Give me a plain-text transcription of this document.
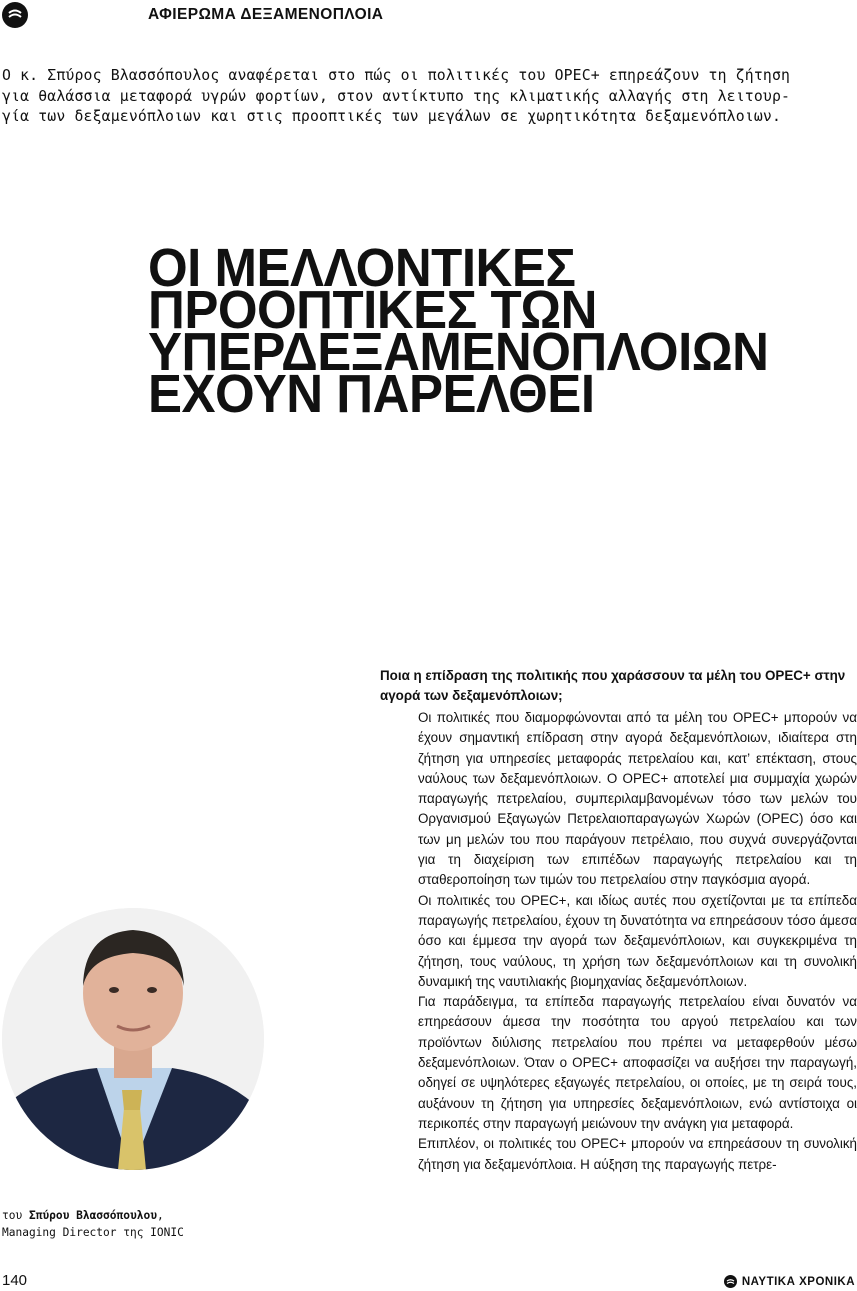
ΑΦΙΕΡΩΜΑ ΔΕΞΑΜΕΝΟΠΛΟΙΑ
Ο κ. Σπύρος Βλασσόπουλος αναφέρεται στο πώς οι πολιτικές του OPEC+ επηρεάζουν τη ζήτηση
για θαλάσσια μεταφορά υγρών φορτίων, στον αντίκτυπο της κλιματικής αλλαγής στη λειτουρ-
γία των δεξαμενόπλοιων και στις προοπτικές των μεγάλων σε χωρητικότητα δεξαμενόπλοιων.
ΟΙ ΜΕΛΛΟΝΤΙΚΕΣ
ΠΡΟΟΠΤΙΚΕΣ ΤΩΝ
ΥΠΕΡΔΕΞΑΜΕΝΟΠΛΟΙΩΝ
ΕΧΟΥΝ ΠΑΡΕΛΘΕΙ
Ποια η επίδραση της πολιτικής που χαράσσουν τα μέλη του OPEC+ στην αγορά των δεξαμενόπλοιων;

Οι πολιτικές που διαμορφώνονται από τα μέλη του OPEC+ μπορούν να έχουν σημαντική επίδραση στην αγορά δεξαμενόπλοιων, ιδιαίτερα στη ζήτηση για υπηρεσίες μεταφοράς πετρελαίου και, κατ’ επέκταση, στους ναύλους των δεξαμενόπλοιων. Ο OPEC+ αποτελεί μια συμμαχία χωρών παραγωγής πετρελαίου, συμπεριλαμβανομένων τόσο των μελών του Οργανισμού Εξαγωγών Πετρελαιοπαραγωγών Χωρών (OPEC) όσο και των μη μελών του που παράγουν πετρέλαιο, που συχνά συνεργάζονται για τη διαχείριση των επιπέδων παραγωγής πετρελαίου και τη σταθεροποίηση των τιμών του πετρελαίου στην παγκόσμια αγορά.

Οι πολιτικές του OPEC+, και ιδίως αυτές που σχετίζονται με τα επίπεδα παραγωγής πετρελαίου, έχουν τη δυνατότητα να επηρεάσουν τόσο άμεσα όσο και έμμεσα την αγορά των δεξαμενόπλοιων, και συγκεκριμένα τη ζήτηση, τους ναύλους, τη χρήση των δεξαμενόπλοιων και τη συνολική δυναμική της ναυτιλιακής βιομηχανίας δεξαμενόπλοιων.

Για παράδειγμα, τα επίπεδα παραγωγής πετρελαίου είναι δυνατόν να επηρεάσουν άμεσα την ποσότητα του αργού πετρελαίου και των προϊόντων διύλισης πετρελαίου που πρέπει να μεταφερθούν μέσω δεξαμενόπλοιων. Όταν ο OPEC+ αποφασίζει να αυξήσει την παραγωγή, οδηγεί σε υψηλότερες εξαγωγές πετρελαίου, οι οποίες, με τη σειρά τους, αυξάνουν τη ζήτηση για υπηρεσίες δεξαμενόπλοιων, ενώ αντίστοιχα οι περικοπές στην παραγωγή μειώνουν την ανάγκη για μεταφορά.

Επιπλέον, οι πολιτικές του OPEC+ μπορούν να επηρεάσουν τη συνολική ζήτηση για δεξαμενόπλοια. Η αύξηση της παραγωγής πετρε-

του Σπύρου Βλασσόπουλου,
Managing Director της IONIC
140	ΝΑΥΤΙΚΑ ΧΡΟΝΙΚΑ
